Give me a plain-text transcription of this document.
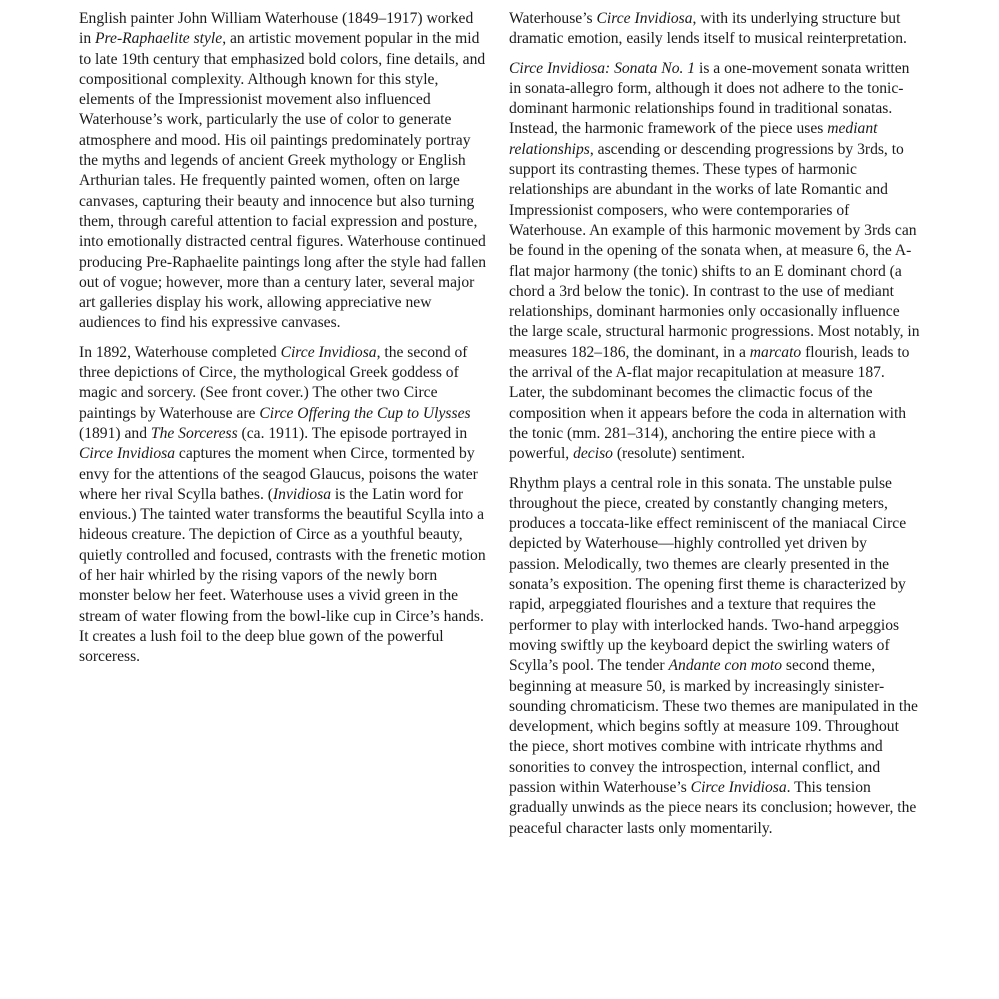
English painter John William Waterhouse (1849–1917) worked in Pre-Raphaelite style, an artistic movement popular in the mid to late 19th century that emphasized bold colors, fine details, and compositional complexity. Although known for this style, elements of the Impressionist movement also influenced Waterhouse’s work, particularly the use of color to generate atmosphere and mood. His oil paintings predominately portray the myths and legends of ancient Greek mythology or English Arthurian tales. He frequently painted women, often on large canvases, capturing their beauty and innocence but also turning them, through careful attention to facial expression and posture, into emotionally distracted central figures. Waterhouse continued producing Pre-Raphaelite paintings long after the style had fallen out of vogue; however, more than a century later, several major art galleries display his work, allowing appreciative new audiences to find his expressive canvases.

In 1892, Waterhouse completed Circe Invidiosa, the second of three depictions of Circe, the mythological Greek goddess of magic and sorcery. (See front cover.) The other two Circe paintings by Waterhouse are Circe Offering the Cup to Ulysses (1891) and The Sorceress (ca. 1911). The episode portrayed in Circe Invidiosa captures the moment when Circe, tormented by envy for the attentions of the seagod Glaucus, poisons the water where her rival Scylla bathes. (Invidiosa is the Latin word for envious.) The tainted water transforms the beautiful Scylla into a hideous creature. The depiction of Circe as a youthful beauty, quietly controlled and focused, contrasts with the frenetic motion of her hair whirled by the rising vapors of the newly born monster below her feet. Waterhouse uses a vivid green in the stream of water flowing from the bowl-like cup in Circe’s hands. It creates a lush foil to the deep blue gown of the powerful sorceress.

Waterhouse’s Circe Invidiosa, with its underlying structure but dramatic emotion, easily lends itself to musical reinterpretation.

Circe Invidiosa: Sonata No. 1 is a one-movement sonata written in sonata-allegro form, although it does not adhere to the tonic-dominant harmonic relationships found in traditional sonatas. Instead, the harmonic framework of the piece uses mediant relationships, ascending or descending progressions by 3rds, to support its contrasting themes. These types of harmonic relationships are abundant in the works of late Romantic and Impressionist composers, who were contemporaries of Waterhouse. An example of this harmonic movement by 3rds can be found in the opening of the sonata when, at measure 6, the A-flat major harmony (the tonic) shifts to an E dominant chord (a chord a 3rd below the tonic). In contrast to the use of mediant relationships, dominant harmonies only occasionally influence the large scale, structural harmonic progressions. Most notably, in measures 182–186, the dominant, in a marcato flourish, leads to the arrival of the A-flat major recapitulation at measure 187. Later, the subdominant becomes the climactic focus of the composition when it appears before the coda in alternation with the tonic (mm. 281–314), anchoring the entire piece with a powerful, deciso (resolute) sentiment.

Rhythm plays a central role in this sonata. The unstable pulse throughout the piece, created by constantly changing meters, produces a toccata-like effect reminiscent of the maniacal Circe depicted by Waterhouse—highly controlled yet driven by passion. Melodically, two themes are clearly presented in the sonata’s exposition. The opening first theme is characterized by rapid, arpeggiated flourishes and a texture that requires the performer to play with interlocked hands. Two-hand arpeggios moving swiftly up the keyboard depict the swirling waters of Scylla’s pool. The tender Andante con moto second theme, beginning at measure 50, is marked by increasingly sinister-sounding chromaticism. These two themes are manipulated in the development, which begins softly at measure 109. Throughout the piece, short motives combine with intricate rhythms and sonorities to convey the introspection, internal conflict, and passion within Waterhouse’s Circe Invidiosa. This tension gradually unwinds as the piece nears its conclusion; however, the peaceful character lasts only momentarily.
